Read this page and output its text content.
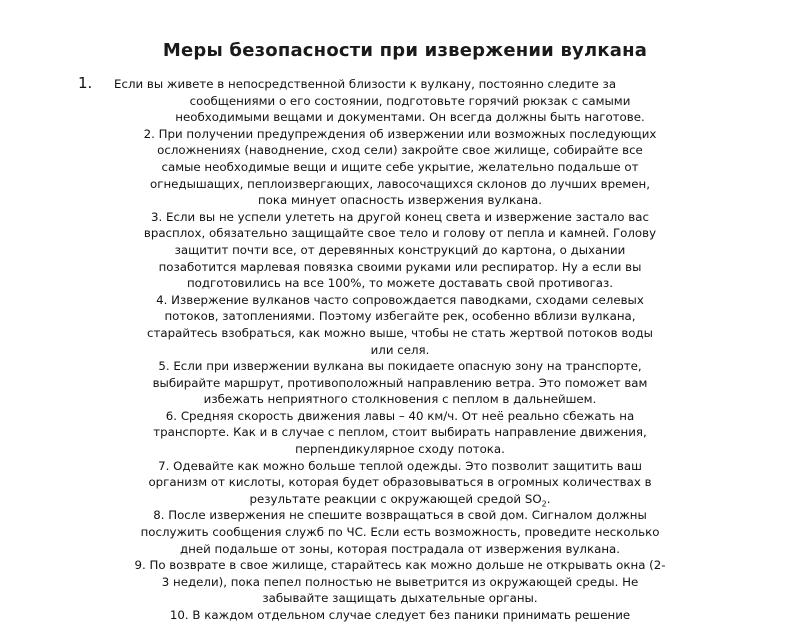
Меры безопасности при извержении вулкана
1.	Если вы живете в непосредственной близости к вулкану, постоянно следите за
сообщениями о его состоянии, подготовьте горячий рюкзак с самыми
необходимыми вещами и документами. Он всегда должны быть наготове.
2. При получении предупреждения об извержении или возможных последующих
осложнениях (наводнение, сход сели) закройте свое жилище, собирайте все
самые необходимые вещи и ищите себе укрытие, желательно подальше от
огнедышащих, пеплоизвергающих, лавосочащихся склонов до лучших времен,
пока минует опасность извержения вулкана.
3. Если вы не успели улететь на другой конец света и извержение застало вас
врасплох, обязательно защищайте свое тело и голову от пепла и камней. Голову
защитит почти все, от деревянных конструкций до картона, о дыхании
позаботится марлевая повязка своими руками или респиратор. Ну а если вы
подготовились на все 100%, то можете доставать свой противогаз.
4. Извержение вулканов часто сопровождается паводками, сходами селевых
потоков, затоплениями. Поэтому избегайте рек, особенно вблизи вулкана,
старайтесь взобраться, как можно выше, чтобы не стать жертвой потоков воды
или селя.
5. Если при извержении вулкана вы покидаете опасную зону на транспорте,
выбирайте маршрут, противоположный направлению ветра. Это поможет вам
избежать неприятного столкновения с пеплом в дальнейшем.
6. Средняя скорость движения лавы – 40 км/ч. От неё реально сбежать на
транспорте. Как и в случае с пеплом, стоит выбирать направление движения,
перпендикулярное сходу потока.
7. Одевайте как можно больше теплой одежды. Это позволит защитить ваш
организм от кислоты, которая будет образовываться в огромных количествах в
результате реакции с окружающей средой $SO_2$.
8. После извержения не спешите возвращаться в свой дом. Сигналом должны
послужить сообщения служб по ЧС. Если есть возможность, проведите несколько
дней подальше от зоны, которая пострадала от извержения вулкана.
9. По возврате в свое жилище, старайтесь как можно дольше не открывать окна (2-
3 недели), пока пепел полностью не выветрится из окружающей среды. Не
забывайте защищать дыхательные органы.
10. В каждом отдельном случае следует без паники принимать решение
